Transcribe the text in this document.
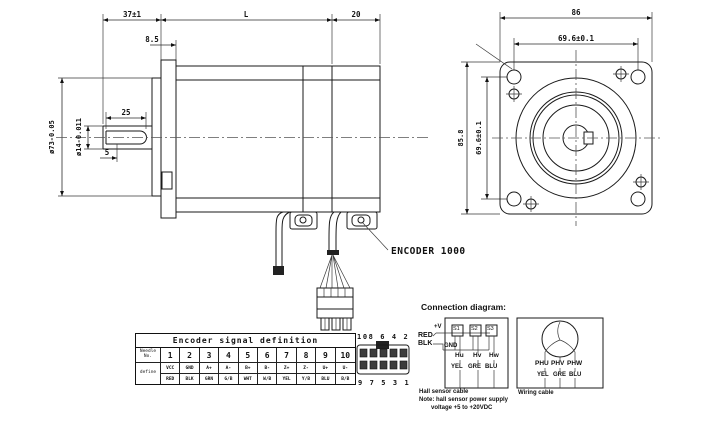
108 6 4 2
9 7 5 3 1
37±1	L	20
8.5
25
5
ø73-0.05	ø14-0.011
ENCODER 1000
86
69.6±0.1
85.8 69.6±0.1
Encoder signal definition
Needle No.	1	2	3	4	5	6	7	8	9	10
define
VCC	GND	A+	A-	B+	B-	Z+	Z-	U+	U-
RED	BLK	GRN	G/B	WHT	W/B	YEL	Y/B	BLU	B/B
Connection diagram:
+V
RED
BLK GND
S1 S2 S3
Hu Hv Hw
YEL GRE BLU
Hall sensor cable
Note: hall sensor power supply
voltage +5 to +20VDC
PHU PHV PHW
YEL GRE BLU
Wiring cable
